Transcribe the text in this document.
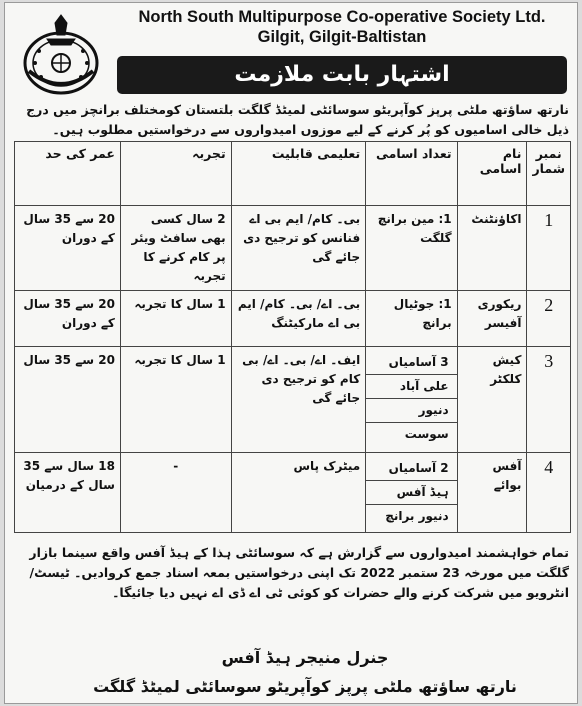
North South Multipurpose Co-operative Society Ltd.
Gilgit, Gilgit-Baltistan
اشتہار بابت ملازمت
نارتھ ساؤتھ ملٹی پرپز کوآپریٹو سوسائٹی لمیٹڈ گلگت بلتستان کومختلف برانچز میں درج ذیل خالی اسامیوں کو پُر کرنے کے لیے موزوں امیدواروں سے درخواستیں مطلوب ہیں۔
نمبر شمار	نام اسامی	تعداد اسامی	تعلیمی قابلیت	تجربہ	عمر کی حد
1	اکاؤنٹنٹ	1: مین برانچ گلگت	بی۔ کام/ ایم بی اے فنانس کو ترجیح دی جائے گی	2 سال کسی بھی سافٹ ویئر پر کام کرنے کا تجربہ	20 سے 35 سال کے دوران
2	ریکوری آفیسر	1: جوٹیال برانچ	بی۔ اے/ بی۔ کام/ ایم بی اے مارکیٹنگ	1 سال کا تجربہ	20 سے 35 سال کے دوران
3	کیش کلکٹر	3 آسامیاں
علی آباد
دنیور
سوست	ایف۔ اے/ بی۔ اے/ بی کام کو ترجیح دی جائے گی	1 سال کا تجربہ	20 سے 35 سال
4	آفس بوائے	2 آسامیاں
ہیڈ آفس
دنیور برانچ	میٹرک پاس	-	18 سال سے 35 سال کے درمیان
تمام خواہشمند امیدواروں سے گزارش ہے کہ سوسائٹی ہذا کے ہیڈ آفس واقع سینما بازار گلگت میں مورخہ 23 ستمبر 2022 تک اپنی درخواستیں بمعہ اسناد جمع کروادیں۔ ٹیسٹ/ انٹرویو میں شرکت کرنے والے حضرات کو کوئی ٹی اے ڈی اے نہیں دیا جائیگا۔
جنرل منیجر ہیڈ آفس
نارتھ ساؤتھ ملٹی پرپز کوآپریٹو سوسائٹی لمیٹڈ گلگت
